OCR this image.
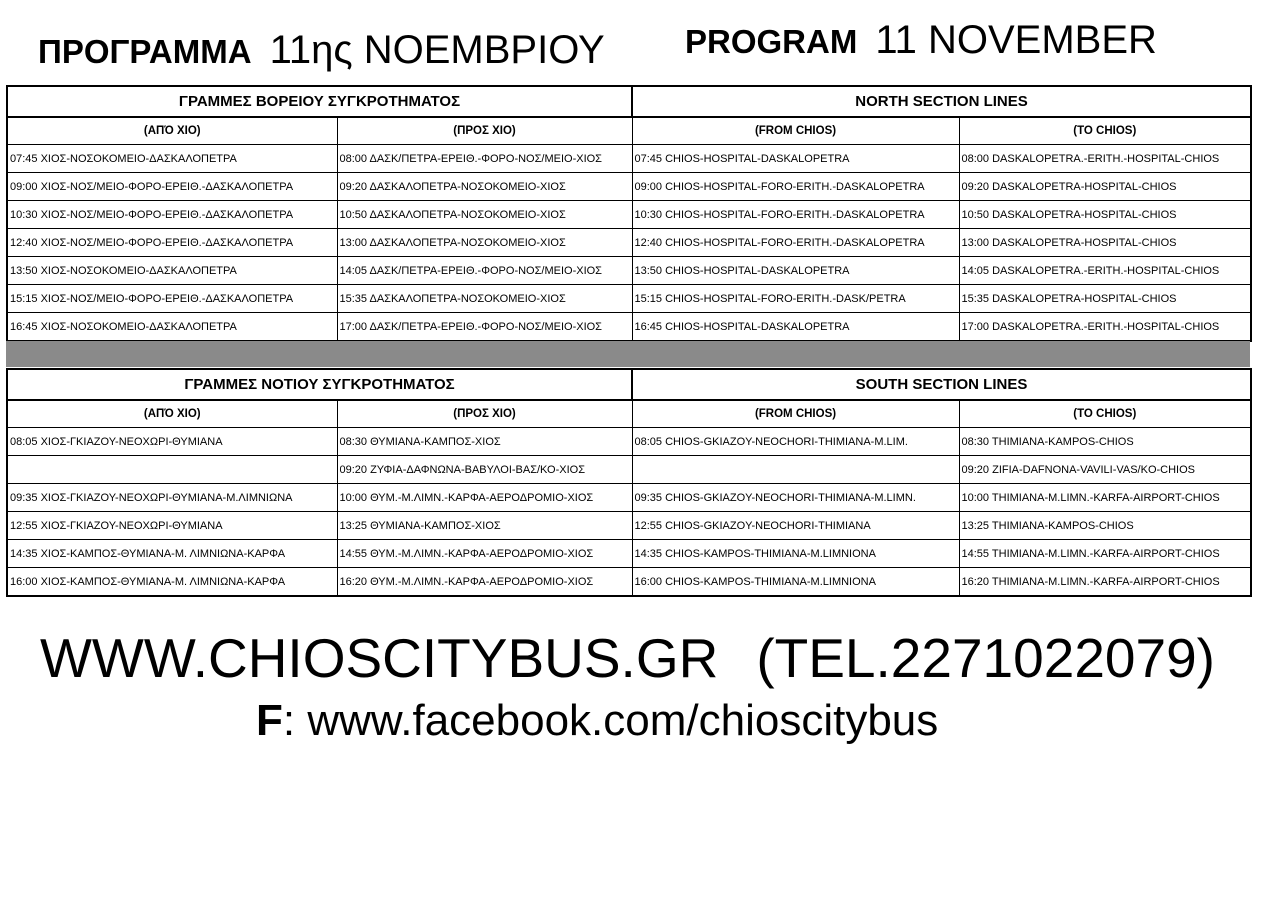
ΠΡΟΓΡΑΜΜΑ 11ης ΝΟΕΜΒΡΙΟΥ PROGRAM 11 NOVEMBER
ΓΡΑΜΜΕΣ ΒΟΡΕΙΟΥ ΣΥΓΚΡΟΤΗΜΑΤΟΣ		NORTH SECTION LINES	
(ΑΠΌ ΧΙΟ)	(ΠΡΟΣ ΧΙΟ)	(FROM CHIOS)	(TO CHIOS)
07:45 ΧΙΟΣ-ΝΟΣΟΚΟΜΕΙΟ-ΔΑΣΚΑΛΟΠΕΤΡΑ	08:00 ΔΑΣΚ/ΠΕΤΡΑ-ΕΡΕΙΘ.-ΦΟΡΟ-ΝΟΣ/ΜΕΙΟ-ΧΙΟΣ	07:45 CHIOS-HOSPITAL-DASKALOPETRA	08:00 DASKALOPETRA.-ERITH.-HOSPITAL-CHIOS
09:00 ΧΙΟΣ-ΝΟΣ/ΜΕΙΟ-ΦΟΡΟ-ΕΡΕΙΘ.-ΔΑΣΚΑΛΟΠΕΤΡΑ	09:20 ΔΑΣΚΑΛΟΠΕΤΡΑ-ΝΟΣΟΚΟΜΕΙΟ-ΧΙΟΣ	09:00 CHIOS-HOSPITAL-FORO-ERITH.-DASKALOPETRA	09:20 DASKALOPETRA-HOSPITAL-CHIOS
10:30 ΧΙΟΣ-ΝΟΣ/ΜΕΙΟ-ΦΟΡΟ-ΕΡΕΙΘ.-ΔΑΣΚΑΛΟΠΕΤΡΑ	10:50 ΔΑΣΚΑΛΟΠΕΤΡΑ-ΝΟΣΟΚΟΜΕΙΟ-ΧΙΟΣ	10:30 CHIOS-HOSPITAL-FORO-ERITH.-DASKALOPETRA	10:50 DASKALOPETRA-HOSPITAL-CHIOS
12:40 ΧΙΟΣ-ΝΟΣ/ΜΕΙΟ-ΦΟΡΟ-ΕΡΕΙΘ.-ΔΑΣΚΑΛΟΠΕΤΡΑ	13:00 ΔΑΣΚΑΛΟΠΕΤΡΑ-ΝΟΣΟΚΟΜΕΙΟ-ΧΙΟΣ	12:40 CHIOS-HOSPITAL-FORO-ERITH.-DASKALOPETRA	13:00 DASKALOPETRA-HOSPITAL-CHIOS
13:50 ΧΙΟΣ-ΝΟΣΟΚΟΜΕΙΟ-ΔΑΣΚΑΛΟΠΕΤΡΑ	14:05 ΔΑΣΚ/ΠΕΤΡΑ-ΕΡΕΙΘ.-ΦΟΡΟ-ΝΟΣ/ΜΕΙΟ-ΧΙΟΣ	13:50 CHIOS-HOSPITAL-DASKALOPETRA	14:05 DASKALOPETRA.-ERITH.-HOSPITAL-CHIOS
15:15 ΧΙΟΣ-ΝΟΣ/ΜΕΙΟ-ΦΟΡΟ-ΕΡΕΙΘ.-ΔΑΣΚΑΛΟΠΕΤΡΑ	15:35 ΔΑΣΚΑΛΟΠΕΤΡΑ-ΝΟΣΟΚΟΜΕΙΟ-ΧΙΟΣ	15:15 CHIOS-HOSPITAL-FORO-ERITH.-DASK/PETRA	15:35 DASKALOPETRA-HOSPITAL-CHIOS
16:45 ΧΙΟΣ-ΝΟΣΟΚΟΜΕΙΟ-ΔΑΣΚΑΛΟΠΕΤΡΑ	17:00 ΔΑΣΚ/ΠΕΤΡΑ-ΕΡΕΙΘ.-ΦΟΡΟ-ΝΟΣ/ΜΕΙΟ-ΧΙΟΣ	16:45 CHIOS-HOSPITAL-DASKALOPETRA	17:00 DASKALOPETRA.-ERITH.-HOSPITAL-CHIOS
ΓΡΑΜΜΕΣ ΝΟΤΙΟΥ ΣΥΓΚΡΟΤΗΜΑΤΟΣ		SOUTH SECTION LINES	
(ΑΠΌ ΧΙΟ)	(ΠΡΟΣ ΧΙΟ)	(FROM CHIOS)	(TO CHIOS)
08:05 ΧΙΟΣ-ΓΚΙΑΖΟΥ-ΝΕΟΧΩΡΙ-ΘΥΜΙΑΝΑ	08:30 ΘΥΜΙΑΝΑ-ΚΑΜΠΟΣ-ΧΙΟΣ	08:05 CHIOS-GKIAZOY-NEOCHORI-THIMIANA-M.LIM.	08:30 THIMIANA-KAMPOS-CHIOS
	09:20 ΖΥΦΙΑ-ΔΑΦΝΩΝΑ-ΒΑΒΥΛΟΙ-ΒΑΣ/ΚΟ-ΧΙΟΣ		09:20 ZIFIA-DAFNONA-VAVILI-VAS/KO-CHIOS
09:35 ΧΙΟΣ-ΓΚΙΑΖΟΥ-ΝΕΟΧΩΡΙ-ΘΥΜΙΑΝΑ-Μ.ΛΙΜΝΙΩΝΑ	10:00 ΘΥΜ.-Μ.ΛΙΜΝ.-ΚΑΡΦΑ-ΑΕΡΟΔΡΟΜΙΟ-ΧΙΟΣ	09:35 CHIOS-GKIAZOY-NEOCHORI-THIMIANA-M.LIMN.	10:00 THIMIANA-M.LIMN.-KARFA-AIRPORT-CHIOS
12:55 ΧΙΟΣ-ΓΚΙΑΖΟΥ-ΝΕΟΧΩΡΙ-ΘΥΜΙΑΝΑ	13:25 ΘΥΜΙΑΝΑ-ΚΑΜΠΟΣ-ΧΙΟΣ	12:55 CHIOS-GKIAZOY-NEOCHORI-THIMIANA	13:25 THIMIANA-KAMPOS-CHIOS
14:35 ΧΙΟΣ-ΚΑΜΠΟΣ-ΘΥΜΙΑΝΑ-Μ. ΛΙΜΝΙΩΝΑ-ΚΑΡΦΑ	14:55 ΘΥΜ.-Μ.ΛΙΜΝ.-ΚΑΡΦΑ-ΑΕΡΟΔΡΟΜΙΟ-ΧΙΟΣ	14:35 CHIOS-KAMPOS-THIMIANA-M.LIMNIONA	14:55 THIMIANA-M.LIMN.-KARFA-AIRPORT-CHIOS
16:00 ΧΙΟΣ-ΚΑΜΠΟΣ-ΘΥΜΙΑΝΑ-Μ. ΛΙΜΝΙΩΝΑ-ΚΑΡΦΑ	16:20 ΘΥΜ.-Μ.ΛΙΜΝ.-ΚΑΡΦΑ-ΑΕΡΟΔΡΟΜΙΟ-ΧΙΟΣ	16:00 CHIOS-KAMPOS-THIMIANA-M.LIMNIONA	16:20 THIMIANA-M.LIMN.-KARFA-AIRPORT-CHIOS
WWW.CHIOSCITYBUS.GR (TEL.2271022079)
F: www.facebook.com/chioscitybus
